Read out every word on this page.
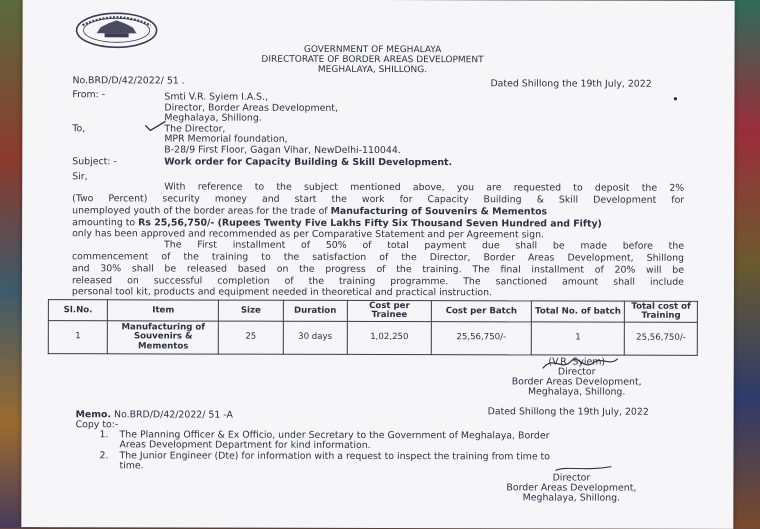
GOVERNMENT OF MEGHALAYA
DIRECTORATE OF BORDER AREAS DEVELOPMENT
MEGHALAYA, SHILLONG.
No.BRD/D/42/2022/ 51 .	Dated Shillong the 19th July, 2022
From: -	Smti V.R. Syiem I.A.S.,
Director, Border Areas Development,
Meghalaya, Shillong.
To,	The Director,
MPR Memorial foundation,
B-28/9 First Floor, Gagan Vihar, NewDelhi-110044.
Subject: -	Work order for Capacity Building & Skill Development.
Sir,
With reference to the subject mentioned above, you are requested to deposit the 2%
(Two Percent) security money and start the work for Capacity Building & Skill Development for
unemployed youth of the border areas for the trade of Manufacturing of Souvenirs & Mementos
amounting to Rs 25,56,750/- (Rupees Twenty Five Lakhs Fifty Six Thousand Seven Hundred and Fifty)
only has been approved and recommended as per Comparative Statement and per Agreement sign.
The First installment of 50% of total payment due shall be made before the
commencement of the training to the satisfaction of the Director, Border Areas Development, Shillong
and 30% shall be released based on the progress of the training. The final installment of 20% will be
released on successful completion of the training programme. The sanctioned amount shall include
personal tool kit, products and equipment needed in theoretical and practical instruction.
Sl.No.	Item	Size	Duration	Cost per Trainee	Cost per Batch	Total No. of batch	Total cost of Training
1	Manufacturing of Souvenirs & Mementos	25	30 days	1,02,250	25,56,750/-	1	25,56,750/-
(V.R. Syiem)
Director
Border Areas Development,
Meghalaya, Shillong.
Memo. No.BRD/D/42/2022/ 51 -A	Dated Shillong the 19th July, 2022
Copy to:-
1. The Planning Officer & Ex Officio, under Secretary to the Government of Meghalaya, Border
Areas Development Department for kind information.
2. The Junior Engineer (Dte) for information with a request to inspect the training from time to
time.
Director
Border Areas Development,
Meghalaya, Shillong.
